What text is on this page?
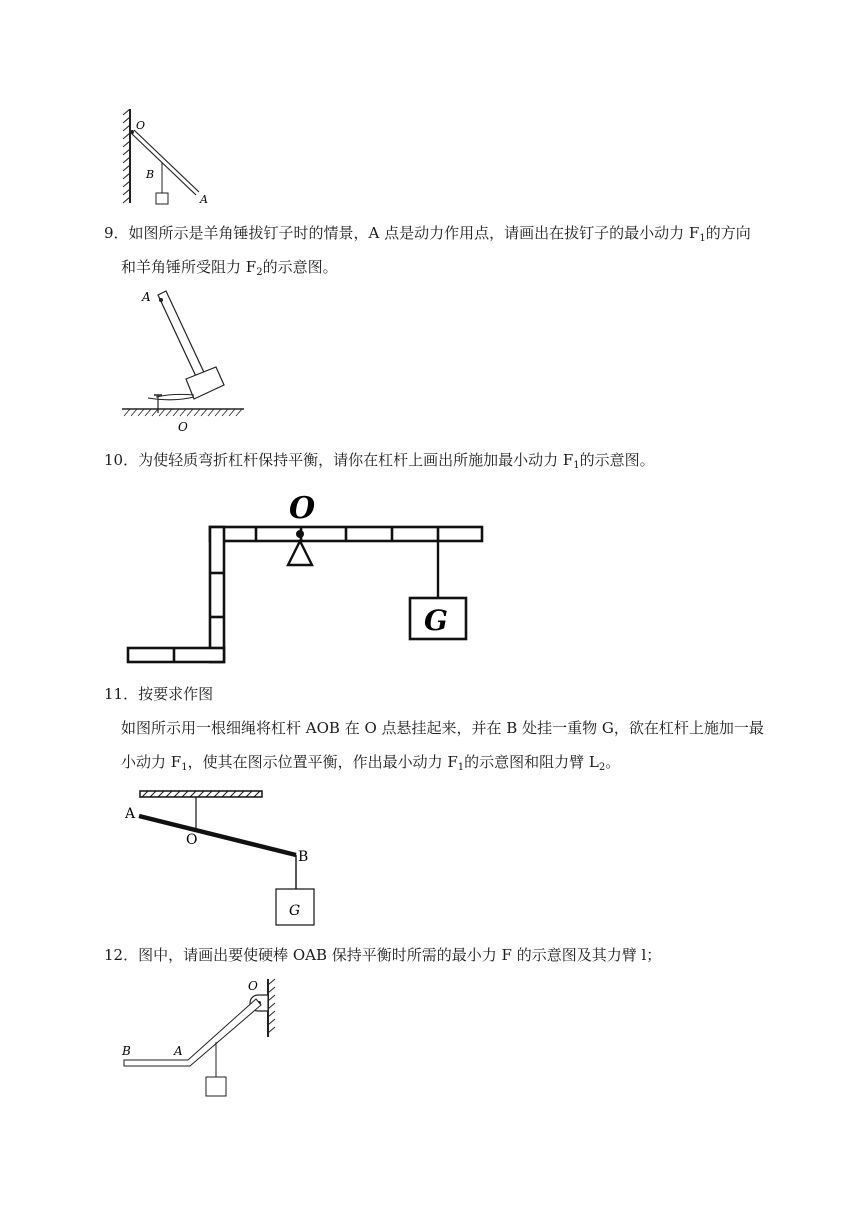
O
B
A
9．如图所示是羊角锤拔钉子时的情景，A 点是动力作用点，请画出在拔钉子的最小动力 $F_1$的方向
和羊角锤所受阻力 $F_2$的示意图。
A
O
10．为使轻质弯折杠杆保持平衡，请你在杠杆上画出所施加最小动力 $F_1$的示意图。
O
G
11．按要求作图
如图所示用一根细绳将杠杆 AOB 在 O 点悬挂起来，并在 B 处挂一重物 G，欲在杠杆上施加一最
小动力 $F_1$，使其在图示位置平衡，作出最小动力 $F_1$的示意图和阻力臂 $L_2$。
A
O
B
G
12．图中，请画出要使硬棒 OAB 保持平衡时所需的最小力 F 的示意图及其力臂 l；
O
B	A
